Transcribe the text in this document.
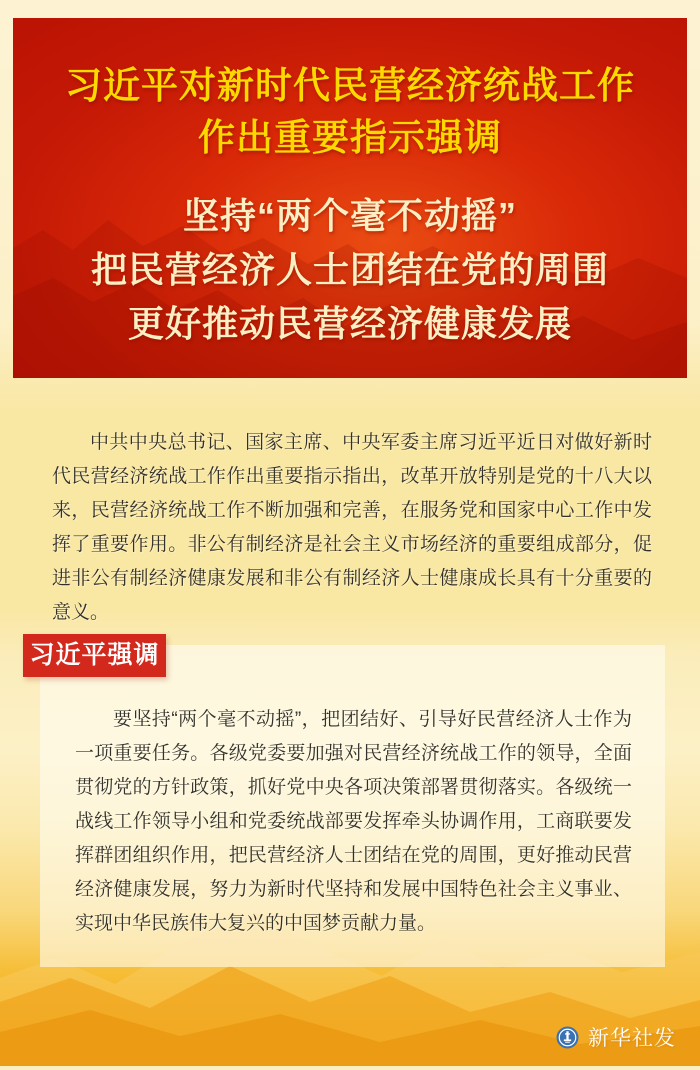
习近平对新时代民营经济统战工作
作出重要指示强调
坚持“两个毫不动摇”
把民营经济人士团结在党的周围
更好推动民营经济健康发展

中共中央总书记、国家主席、中央军委主席习近平近日对做好新时代民营经济统战工作作出重要指示指出，改革开放特别是党的十八大以来，民营经济统战工作不断加强和完善，在服务党和国家中心工作中发挥了重要作用。非公有制经济是社会主义市场经济的重要组成部分，促进非公有制经济健康发展和非公有制经济人士健康成长具有十分重要的意义。

要坚持“两个毫不动摇”，把团结好、引导好民营经济人士作为一项重要任务。各级党委要加强对民营经济统战工作的领导，全面贯彻党的方针政策，抓好党中央各项决策部署贯彻落实。各级统一战线工作领导小组和党委统战部要发挥牵头协调作用，工商联要发挥群团组织作用，把民营经济人士团结在党的周围，更好推动民营经济健康发展，努力为新时代坚持和发展中国特色社会主义事业、实现中华民族伟大复兴的中国梦贡献力量。

习近平强调
新华社发
